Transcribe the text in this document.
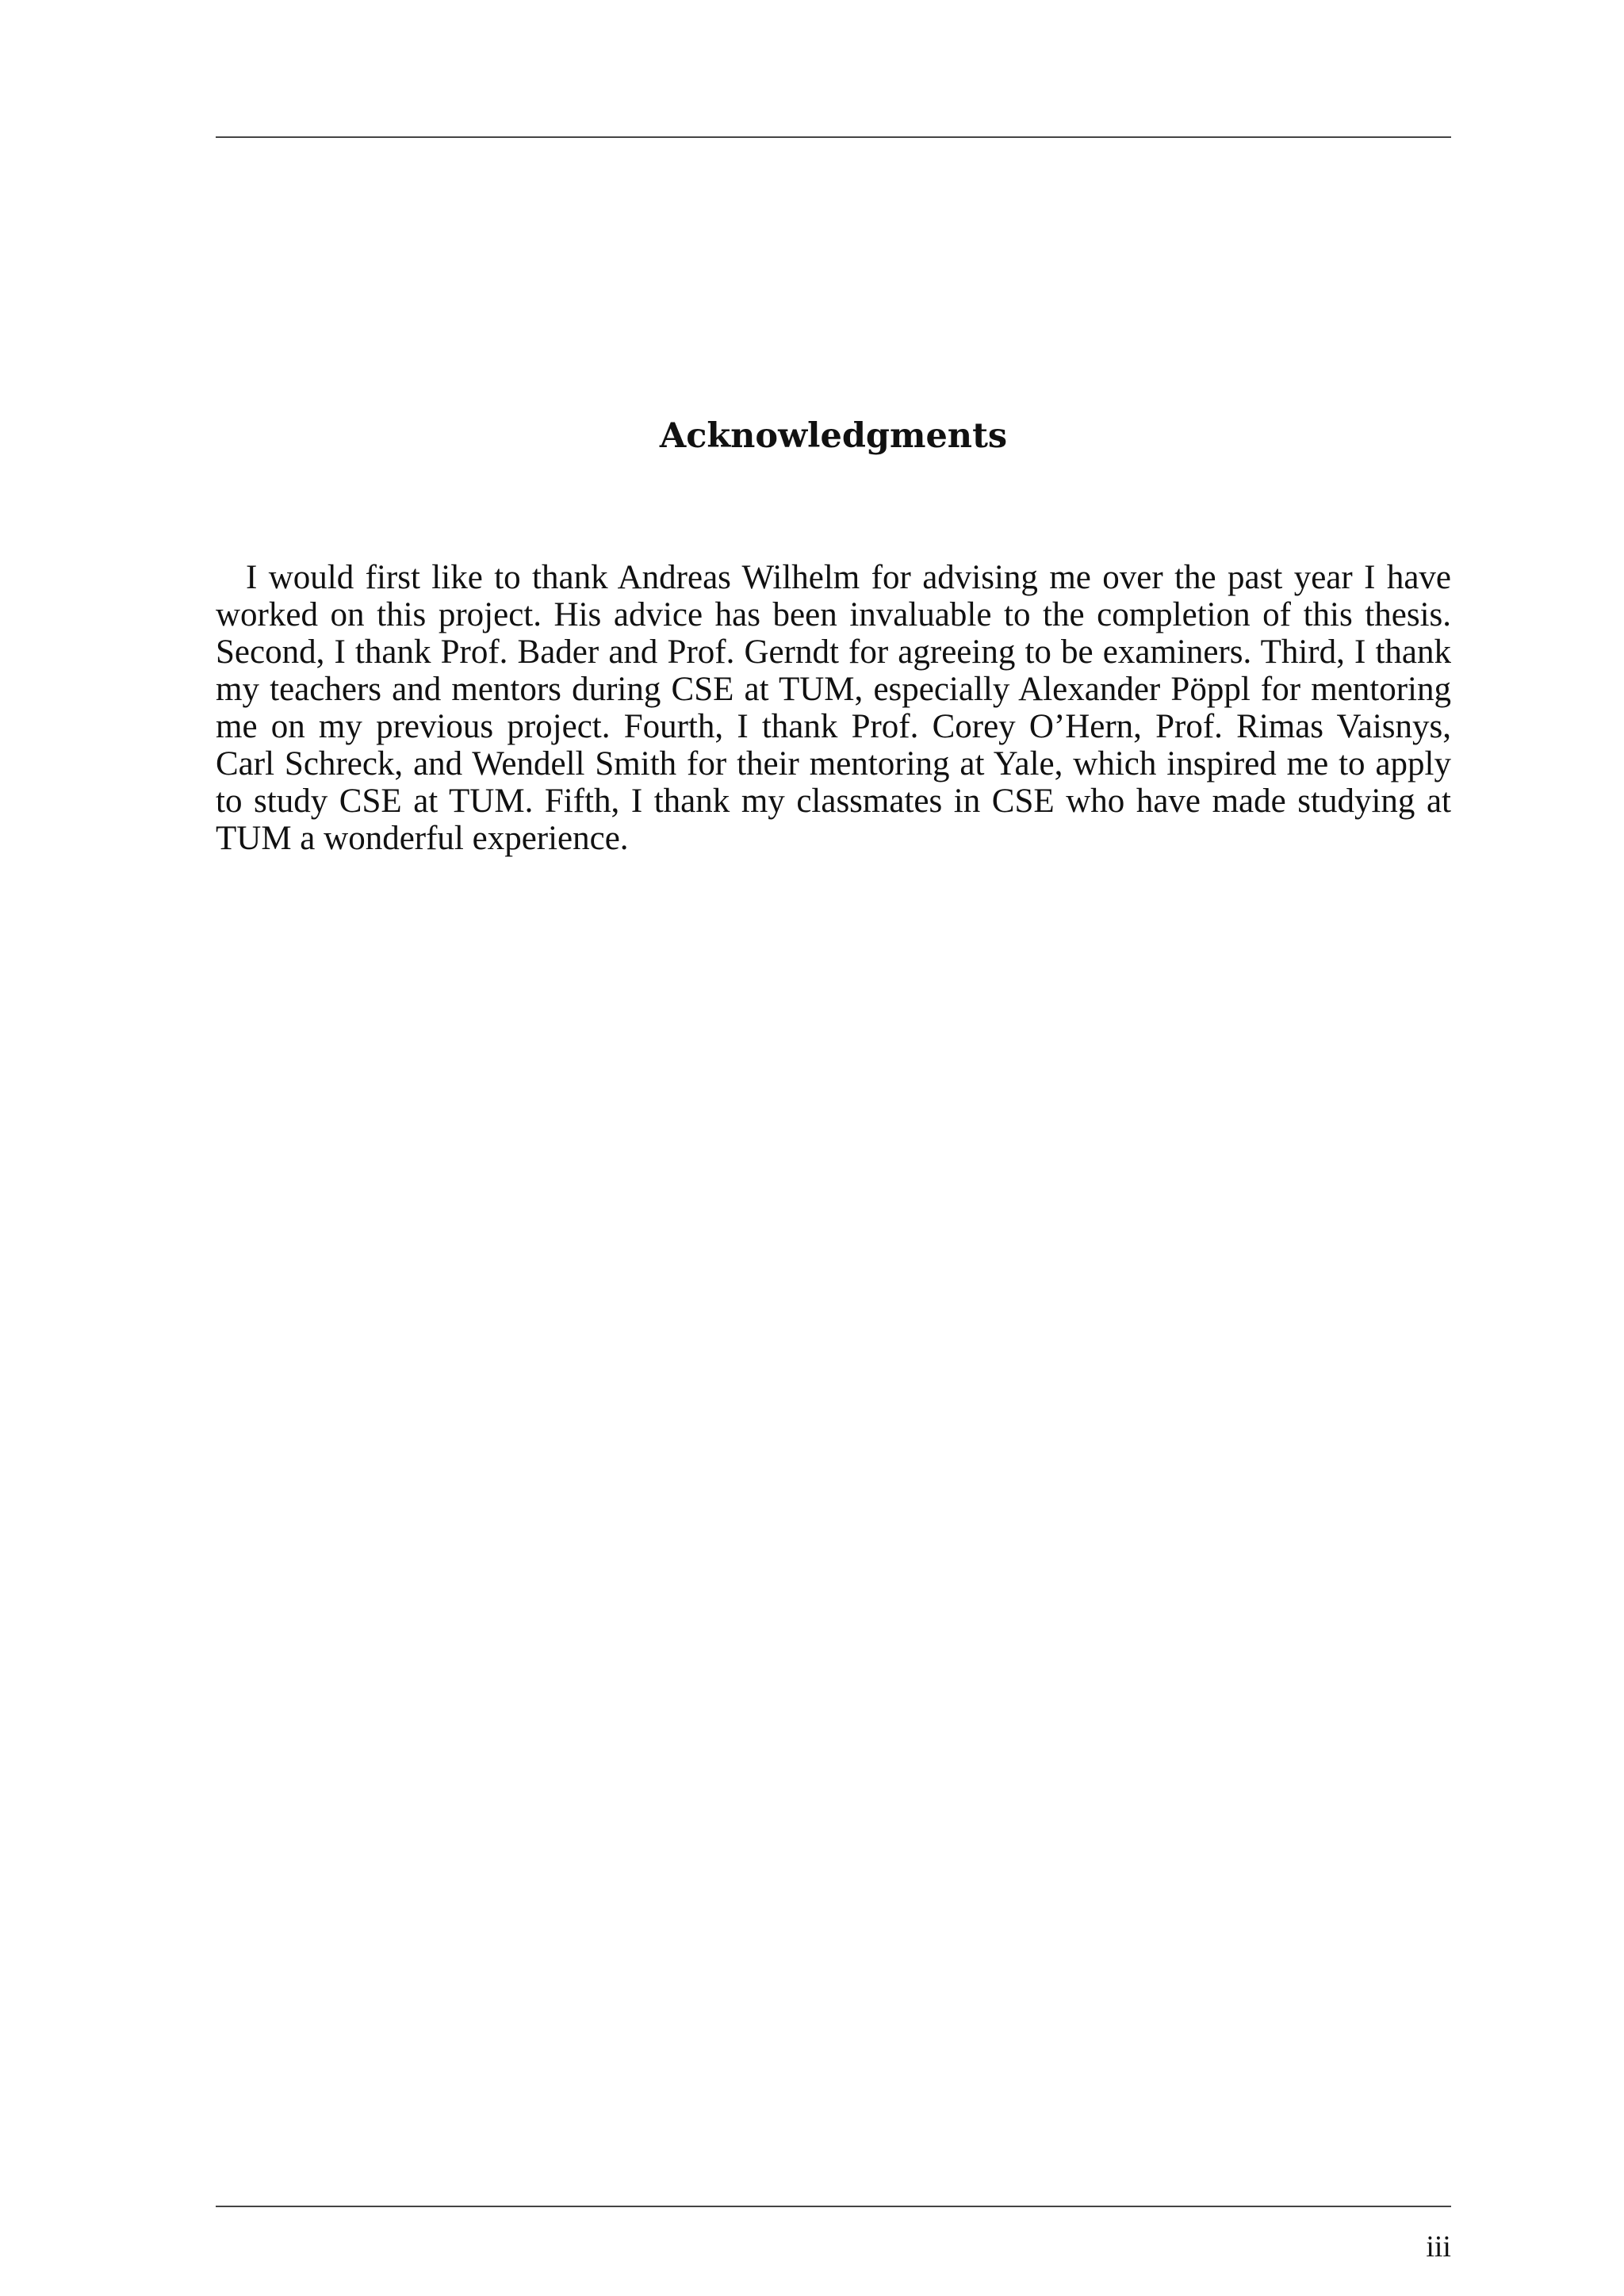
Acknowledgments

I would first like to thank Andreas Wilhelm for advising me over the past year I have worked on this project. His advice has been invaluable to the completion of this thesis. Second, I thank Prof. Bader and Prof. Gerndt for agreeing to be examiners. Third, I thank my teachers and mentors during CSE at TUM, especially Alexander Pöppl for mentoring me on my previous project. Fourth, I thank Prof. Corey O’Hern, Prof. Rimas Vaisnys, Carl Schreck, and Wendell Smith for their mentoring at Yale, which inspired me to apply to study CSE at TUM. Fifth, I thank my classmates in CSE who have made studying at TUM a wonderful experience.

iii
